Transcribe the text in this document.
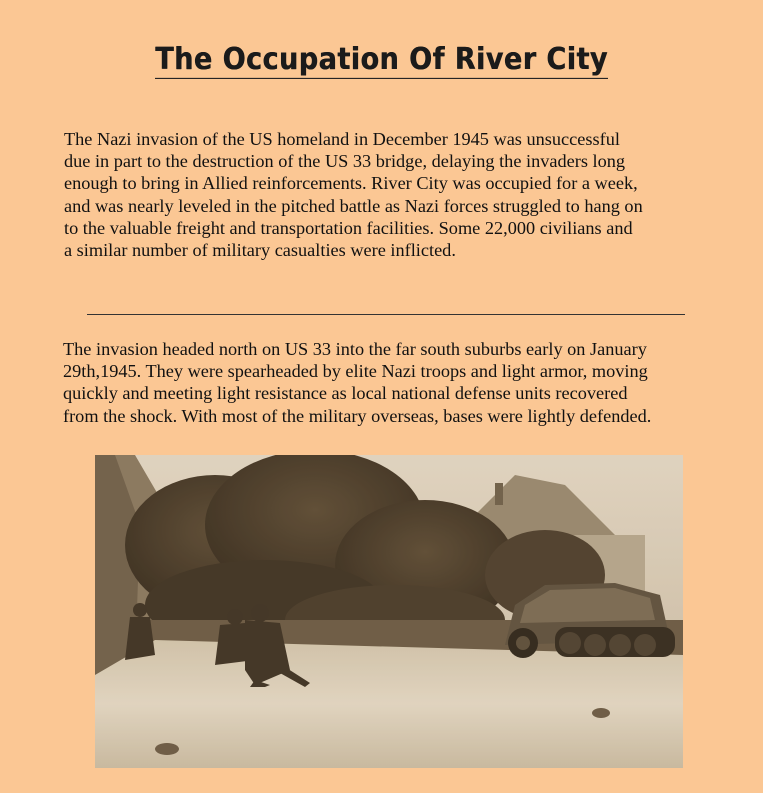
The Occupation Of River City

The Nazi invasion of the US homeland in December 1945 was unsuccessful
due in part to the destruction of the US 33 bridge, delaying the invaders long
enough to bring in Allied reinforcements. River City was occupied for a week,
and was nearly leveled in the pitched battle as Nazi forces struggled to hang on
to the valuable freight and transportation facilities. Some 22,000 civilians and
a similar number of military casualties were inflicted.

The invasion headed north on US 33 into the far south suburbs early on January
29th,1945. They were spearheaded by elite Nazi troops and light armor, moving
quickly and meeting light resistance as local national defense units recovered
from the shock. With most of the military overseas, bases were lightly defended.
